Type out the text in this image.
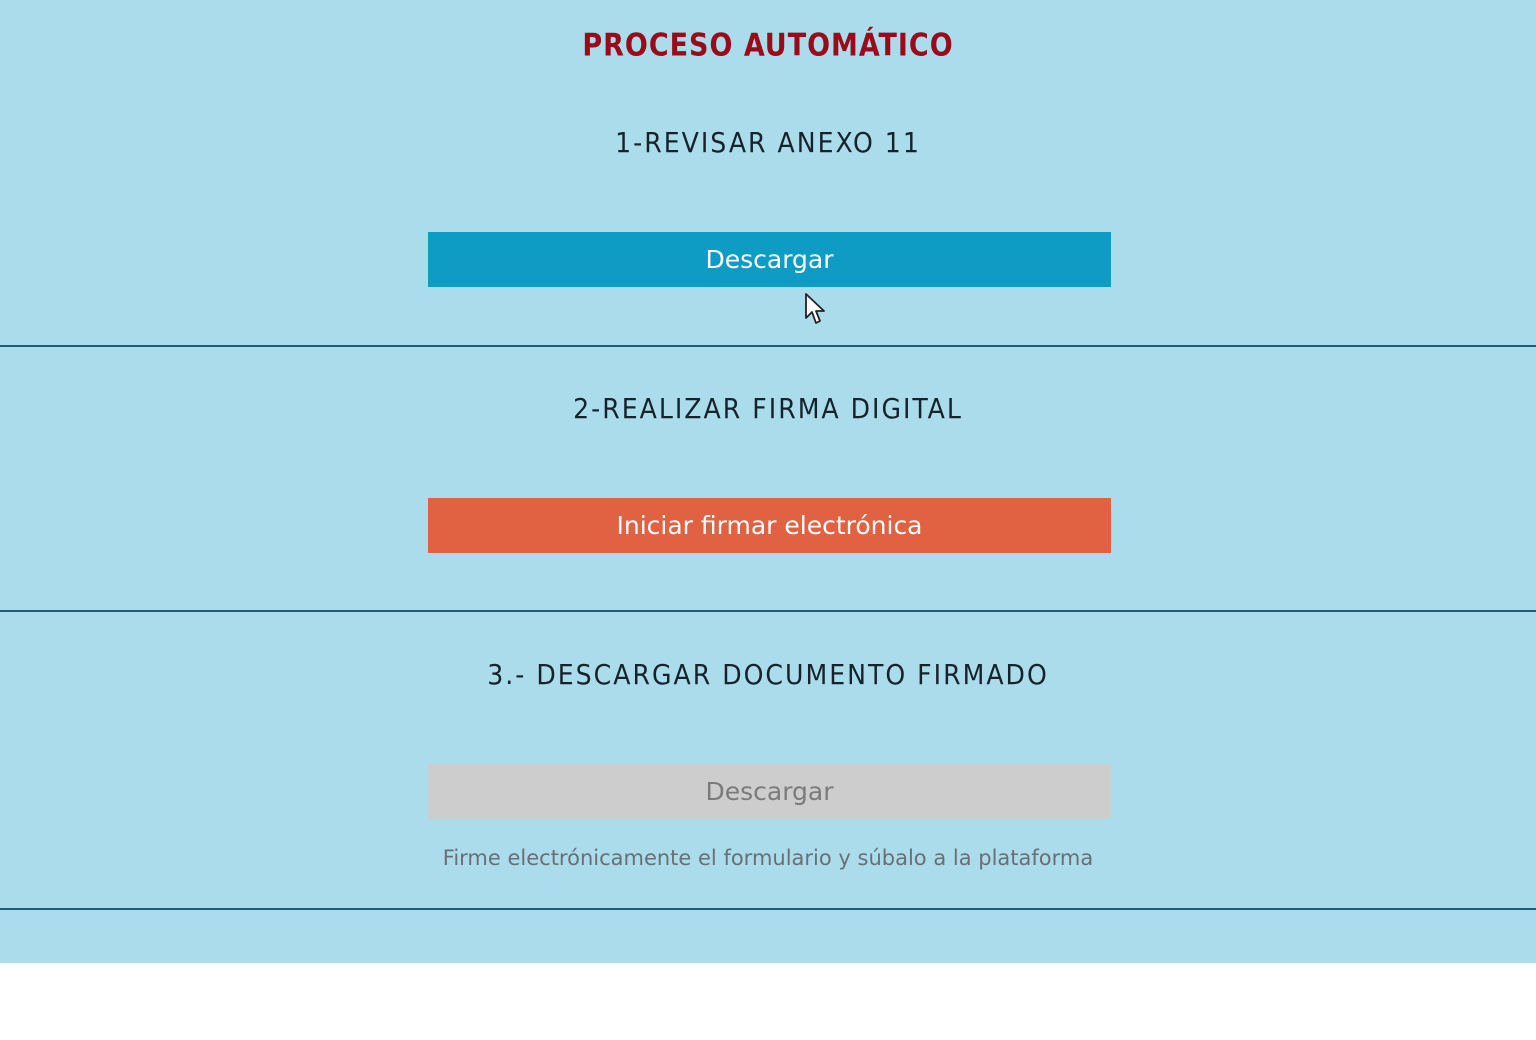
PROCESO AUTOMÁTICO
1-REVISAR ANEXO 11
Descargar
2-REALIZAR FIRMA DIGITAL
Iniciar firmar electrónica
3.- DESCARGAR DOCUMENTO FIRMADO
Descargar
Firme electrónicamente el formulario y súbalo a la plataforma
